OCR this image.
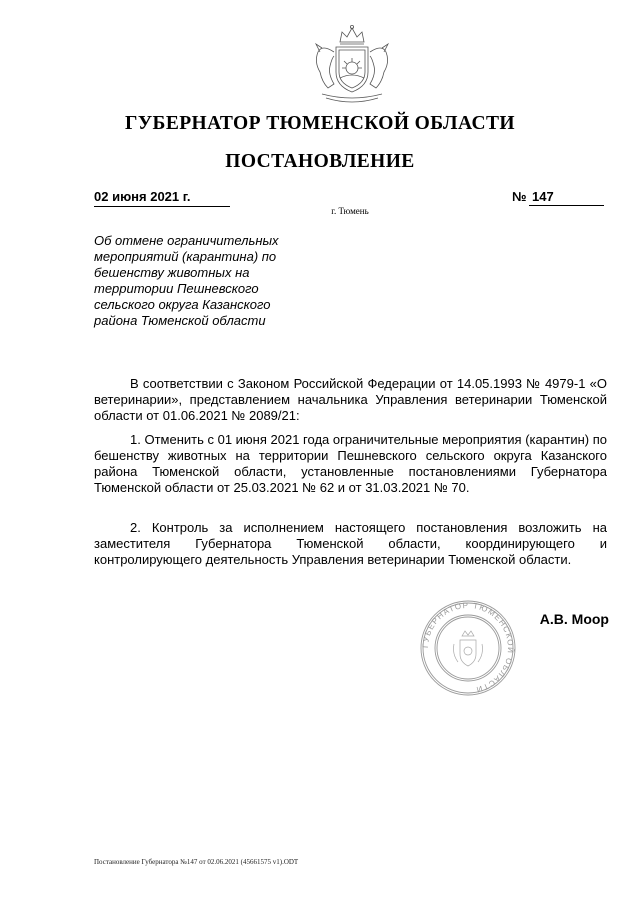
ГУБЕРНАТОР ТЮМЕНСКОЙ ОБЛАСТИ
ПОСТАНОВЛЕНИЕ
02 июня 2021 г.	№ 147
г. Тюмень
Об отмене ограничительных
мероприятий (карантина) по
бешенству животных на
территории Пешневского
сельского округа Казанского
района Тюменской области
В соответствии с Законом Российской Федерации от 14.05.1993 № 4979-1 «О ветеринарии», представлением начальника Управления ветеринарии Тюменской области от 01.06.2021 № 2089/21:
1. Отменить с 01 июня 2021 года ограничительные мероприятия (карантин) по бешенству животных на территории Пешневского сельского округа Казанского района Тюменской области, установленные постановлениями Губернатора Тюменской области от 25.03.2021 № 62 и от 31.03.2021 № 70.
2. Контроль за исполнением настоящего постановления возложить на заместителя Губернатора Тюменской области, координирующего и контролирующего деятельность Управления ветеринарии Тюменской области.
ГУБЕРНАТОР ТЮМЕНСКОЙ ОБЛАСТИ
А.В. Моор
Постановление Губернатора №147 от 02.06.2021 (45661575 v1).ODT
